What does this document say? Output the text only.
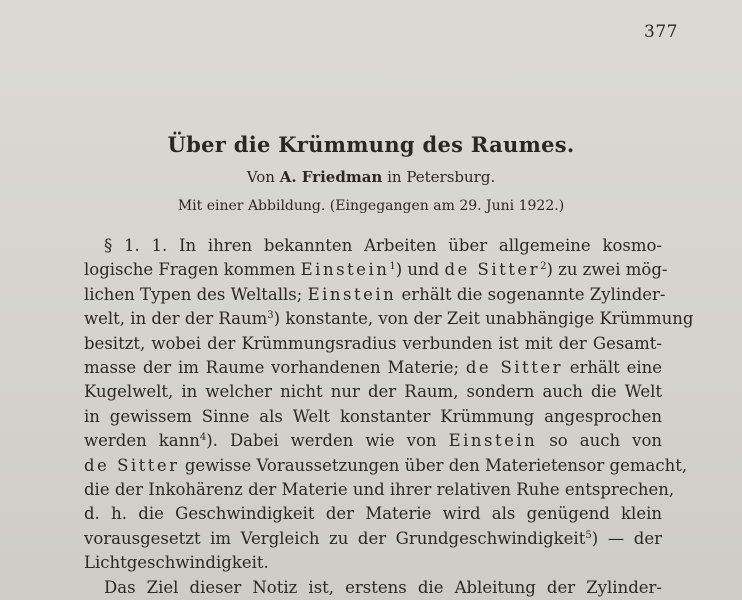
377
Über die Krümmung des Raumes.
Von A. Friedman in Petersburg.
Mit einer Abbildung. (Eingegangen am 29. Juni 1922.)
§ 1. 1. In ihren bekannten Arbeiten über allgemeine kosmo-
logische Fragen kommen Einstein$^1$) und de Sitter$^2$) zu zwei mög-
lichen Typen des Weltalls; Einstein erhält die sogenannte Zylinder-
welt, in der der Raum$^3$) konstante, von der Zeit unabhängige Krümmung
besitzt, wobei der Krümmungsradius verbunden ist mit der Gesamt-
masse der im Raume vorhandenen Materie; de Sitter erhält eine
Kugelwelt, in welcher nicht nur der Raum, sondern auch die Welt
in gewissem Sinne als Welt konstanter Krümmung angesprochen
werden kann$^4$). Dabei werden wie von Einstein so auch von
de Sitter gewisse Voraussetzungen über den Materietensor gemacht,
die der Inkohärenz der Materie und ihrer relativen Ruhe entsprechen,
d. h. die Geschwindigkeit der Materie wird als genügend klein
vorausgesetzt im Vergleich zu der Grundgeschwindigkeit$^5$) — der
Lichtgeschwindigkeit.
Das Ziel dieser Notiz ist, erstens die Ableitung der Zylinder-
